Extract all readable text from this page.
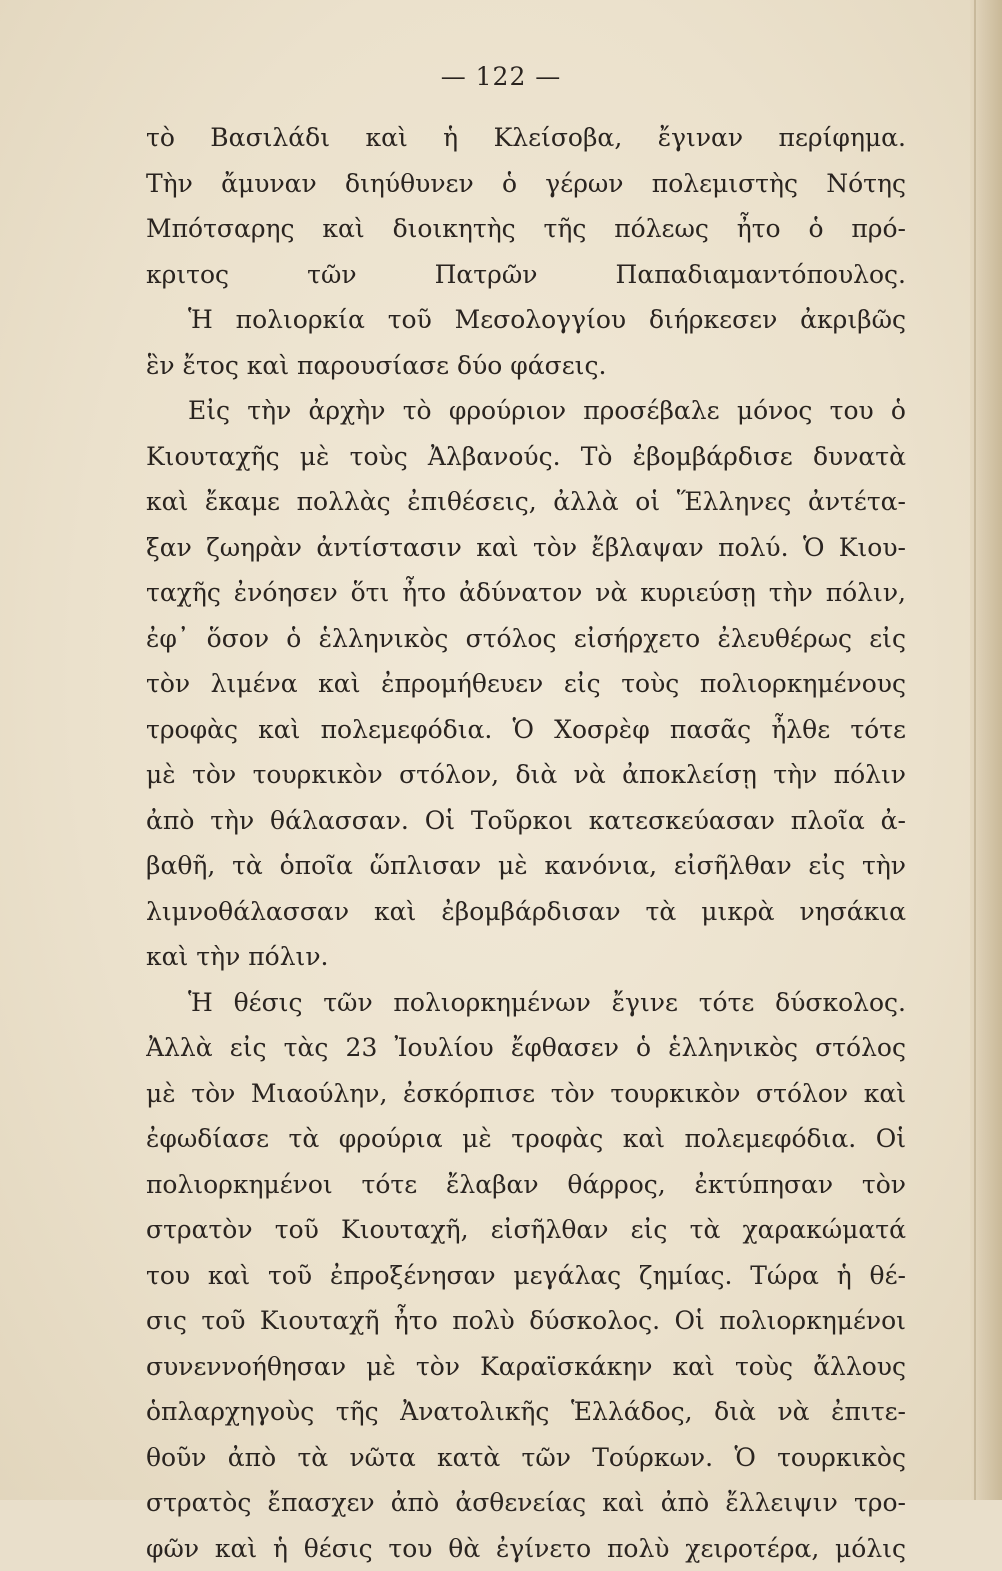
— 122 —
τὸ Βασιλάδι καὶ ἡ Κλείσοβα, ἔγιναν περίφημα.
Τὴν ἄμυναν διηύθυνεν ὁ γέρων πολεμιστὴς Νότης
Μπότσαρης καὶ διοικητὴς τῆς πόλεως ἦτο ὁ πρό-
κριτος τῶν Πατρῶν Παπαδιαμαντόπουλος.
Ἡ πολιορκία τοῦ Μεσολογγίου διήρκεσεν ἀκριβῶς
ἓν ἔτος καὶ παρουσίασε δύο φάσεις.
Εἰς τὴν ἀρχὴν τὸ φρούριον προσέβαλε μόνος του ὁ
Κιουταχῆς μὲ τοὺς Ἀλβανούς. Τὸ ἐβομβάρδισε δυνατὰ
καὶ ἔκαμε πολλὰς ἐπιθέσεις, ἀλλὰ οἱ Ἕλληνες ἀντέτα-
ξαν ζωηρὰν ἀντίστασιν καὶ τὸν ἔβλαψαν πολύ. Ὁ Κιου-
ταχῆς ἐνόησεν ὅτι ἦτο ἀδύνατον νὰ κυριεύσῃ τὴν πόλιν,
ἐφ᾽ ὅσον ὁ ἑλληνικὸς στόλος εἰσήρχετο ἐλευθέρως εἰς
τὸν λιμένα καὶ ἐπρομήθευεν εἰς τοὺς πολιορκημένους
τροφὰς καὶ πολεμεφόδια. Ὁ Χοσρὲφ πασᾶς ἦλθε τότε
μὲ τὸν τουρκικὸν στόλον, διὰ νὰ ἀποκλείσῃ τὴν πόλιν
ἀπὸ τὴν θάλασσαν. Οἱ Τοῦρκοι κατεσκεύασαν πλοῖα ἀ-
βαθῆ, τὰ ὁποῖα ὥπλισαν μὲ κανόνια, εἰσῆλθαν εἰς τὴν
λιμνοθάλασσαν καὶ ἐβομβάρδισαν τὰ μικρὰ νησάκια
καὶ τὴν πόλιν.
Ἡ θέσις τῶν πολιορκημένων ἔγινε τότε δύσκολος.
Ἀλλὰ εἰς τὰς 23 Ἰουλίου ἔφθασεν ὁ ἑλληνικὸς στόλος
μὲ τὸν Μιαούλην, ἐσκόρπισε τὸν τουρκικὸν στόλον καὶ
ἐφωδίασε τὰ φρούρια μὲ τροφὰς καὶ πολεμεφόδια. Οἱ
πολιορκημένοι τότε ἔλαβαν θάρρος, ἐκτύπησαν τὸν
στρατὸν τοῦ Κιουταχῆ, εἰσῆλθαν εἰς τὰ χαρακώματά
του καὶ τοῦ ἐπροξένησαν μεγάλας ζημίας. Τώρα ἡ θέ-
σις τοῦ Κιουταχῆ ἦτο πολὺ δύσκολος. Οἱ πολιορκημένοι
συνεννοήθησαν μὲ τὸν Καραϊσκάκην καὶ τοὺς ἄλλους
ὁπλαρχηγοὺς τῆς Ἀνατολικῆς Ἑλλάδος, διὰ νὰ ἐπιτε-
θοῦν ἀπὸ τὰ νῶτα κατὰ τῶν Τούρκων. Ὁ τουρκικὸς
στρατὸς ἔπασχεν ἀπὸ ἀσθενείας καὶ ἀπὸ ἔλλειψιν τρο-
φῶν καὶ ἡ θέσις του θὰ ἐγίνετο πολὺ χειροτέρα, μόλις
